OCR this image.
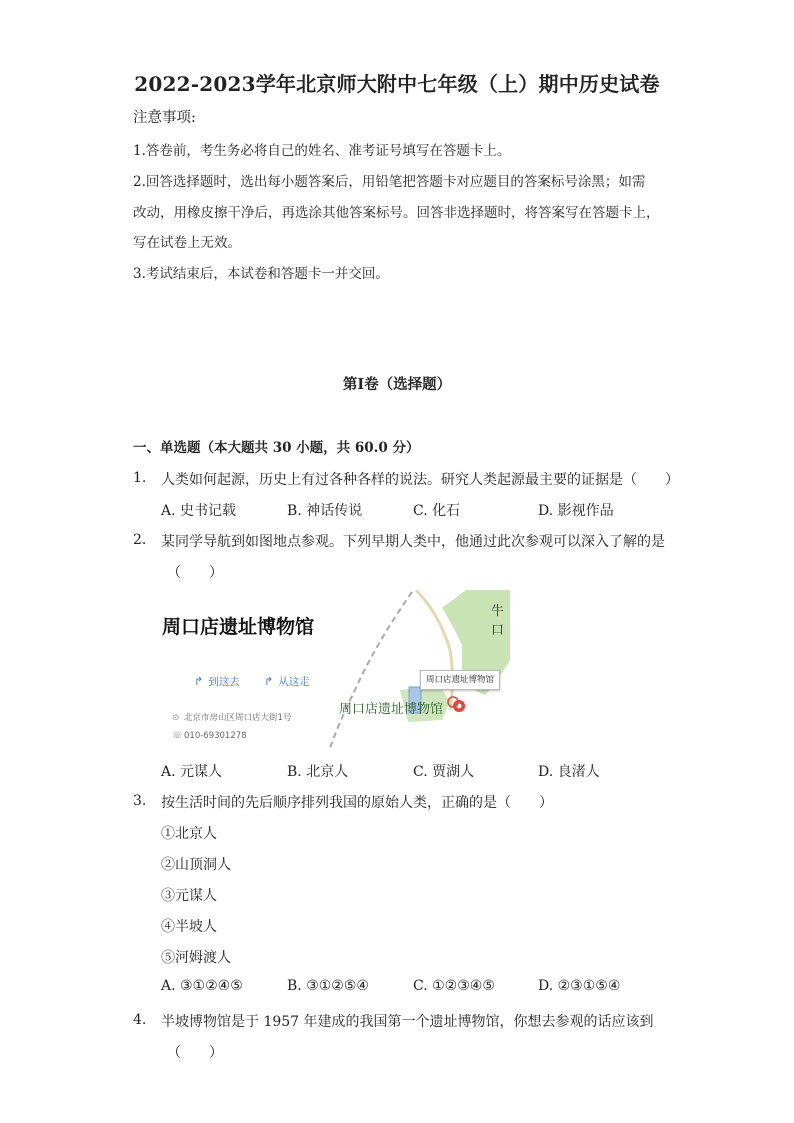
2022-2023学年北京师大附中七年级（上）期中历史试卷
注意事项:
1.答卷前，考生务必将自己的姓名、准考证号填写在答题卡上。
2.回答选择题时，选出每小题答案后，用铅笔把答题卡对应题目的答案标号涂黑；如需
改动，用橡皮擦干净后，再选涂其他答案标号。回答非选择题时，将答案写在答题卡上，
写在试卷上无效。
3.考试结束后，本试卷和答题卡一并交回。
第I卷（选择题）
一、单选题（本大题共 30 小题，共 60.0 分）
1. 人类如何起源，历史上有过各种各样的说法。研究人类起源最主要的证据是（　　）
A. 史书记载	B. 神话传说	C. 化石	D. 影视作品
2. 某同学导航到如图地点参观。下列早期人类中，他通过此次参观可以深入了解的是
（　　）
牛口
周口店遗址博物馆
周口店遗址博物馆
↱ 到这去 ↱ 从这走
⊙ 北京市房山区周口店大街1号
☏010-69301278
周口店遗址博物馆
A. 元谋人	B. 北京人	C. 贾湖人	D. 良渚人
3. 按生活时间的先后顺序排列我国的原始人类，正确的是（　　）
①北京人
②山顶洞人
③元谋人
④半坡人
⑤河姆渡人
A. ③①②④⑤	B. ③①②⑤④	C. ①②③④⑤	D. ②③①⑤④
4. 半坡博物馆是于 1957 年建成的我国第一个遗址博物馆，你想去参观的话应该到
（　　）
